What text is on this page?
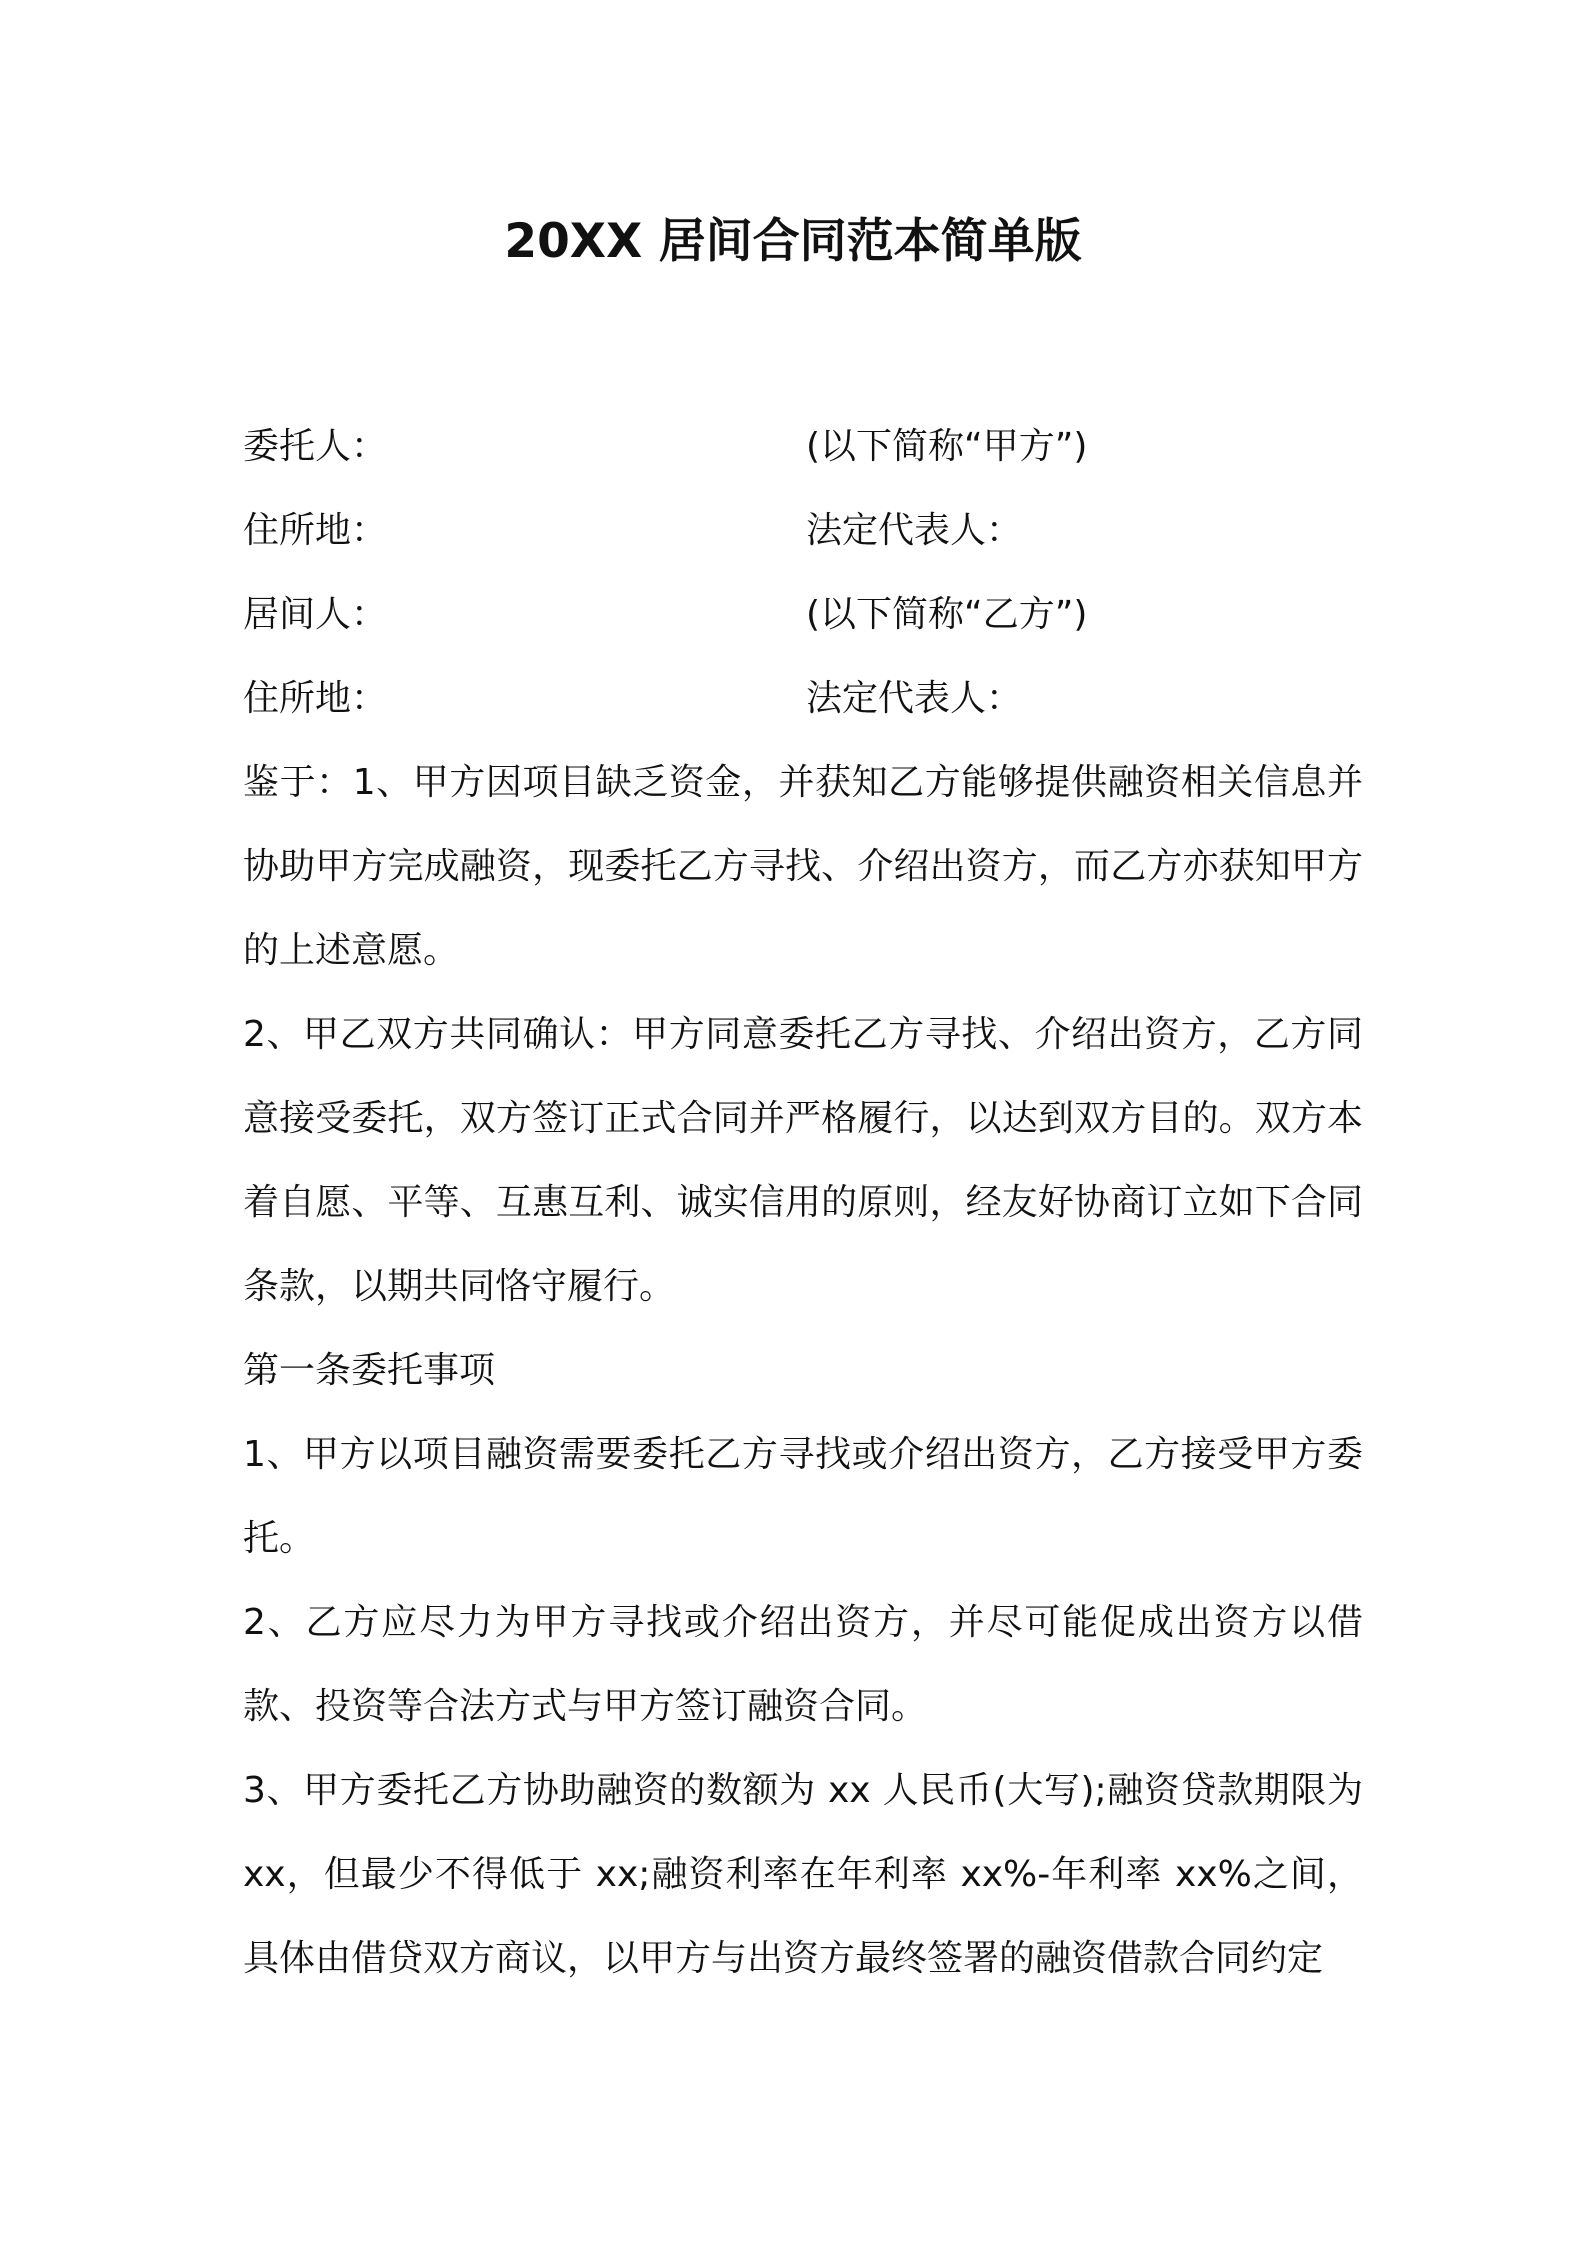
20XX 居间合同范本简单版
委托人：	(以下简称“甲方”)
住所地：	法定代表人：
居间人：	(以下简称“乙方”)
住所地：	法定代表人：

鉴于：1、甲方因项目缺乏资金，并获知乙方能够提供融资相关信息并协助甲方完成融资，现委托乙方寻找、介绍出资方，而乙方亦获知甲方的上述意愿。

2、甲乙双方共同确认：甲方同意委托乙方寻找、介绍出资方，乙方同意接受委托，双方签订正式合同并严格履行，以达到双方目的。双方本着自愿、平等、互惠互利、诚实信用的原则，经友好协商订立如下合同条款，以期共同恪守履行。

第一条委托事项

1、甲方以项目融资需要委托乙方寻找或介绍出资方，乙方接受甲方委托。

2、乙方应尽力为甲方寻找或介绍出资方，并尽可能促成出资方以借款、投资等合法方式与甲方签订融资合同。

3、甲方委托乙方协助融资的数额为 xx 人民币(大写);融资贷款期限为 xx，但最少不得低于 xx;融资利率在年利率 xx%-年利率 xx%之间，具体由借贷双方商议，以甲方与出资方最终签署的融资借款合同约定
